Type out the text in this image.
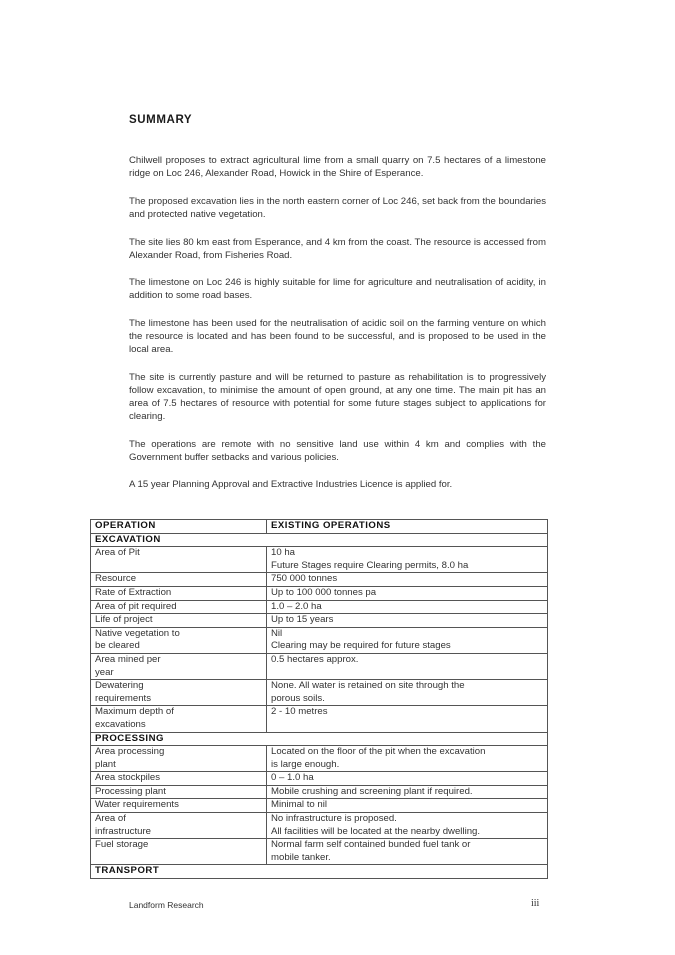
SUMMARY

Chilwell proposes to extract agricultural lime from a small quarry on 7.5 hectares of a limestone ridge on Loc 246, Alexander Road, Howick in the Shire of Esperance.

The proposed excavation lies in the north eastern corner of Loc 246, set back from the boundaries and protected native vegetation.

The site lies 80 km east from Esperance, and 4 km from the coast. The resource is accessed from Alexander Road, from Fisheries Road.

The limestone on Loc 246 is highly suitable for lime for agriculture and neutralisation of acidity, in addition to some road bases.

The limestone has been used for the neutralisation of acidic soil on the farming venture on which the resource is located and has been found to be successful, and is proposed to be used in the local area.

The site is currently pasture and will be returned to pasture as rehabilitation is to progressively follow excavation, to minimise the amount of open ground, at any one time. The main pit has an area of 7.5 hectares of resource with potential for some future stages subject to applications for clearing.

The operations are remote with no sensitive land use within 4 km and complies with the Government buffer setbacks and various policies.

A 15 year Planning Approval and Extractive Industries Licence is applied for.

OPERATION	EXISTING OPERATIONS
EXCAVATION	

Area of Pit	10 ha
Future Stages require Clearing permits, 8.0 ha

Resource	750 000 tonnes

Rate of Extraction	Up to 100 000 tonnes pa

Area of pit required	1.0 – 2.0 ha

Life of project	Up to 15 years

Native vegetation to
be cleared	Nil
Clearing may be required for future stages

Area mined per
year	0.5 hectares approx.

Dewatering
requirements	None. All water is retained on site through the
porous soils.

Maximum depth of
excavations	2 - 10 metres

PROCESSING	

Area processing
plant	Located on the floor of the pit when the excavation
is large enough.

Area stockpiles	0 – 1.0 ha

Processing plant	Mobile crushing and screening plant if required.

Water requirements	Minimal to nil

Area of
infrastructure	No infrastructure is proposed.
All facilities will be located at the nearby dwelling.

Fuel storage	Normal farm self contained bunded fuel tank or
mobile tanker.

TRANSPORT	
Landform Research	iii
